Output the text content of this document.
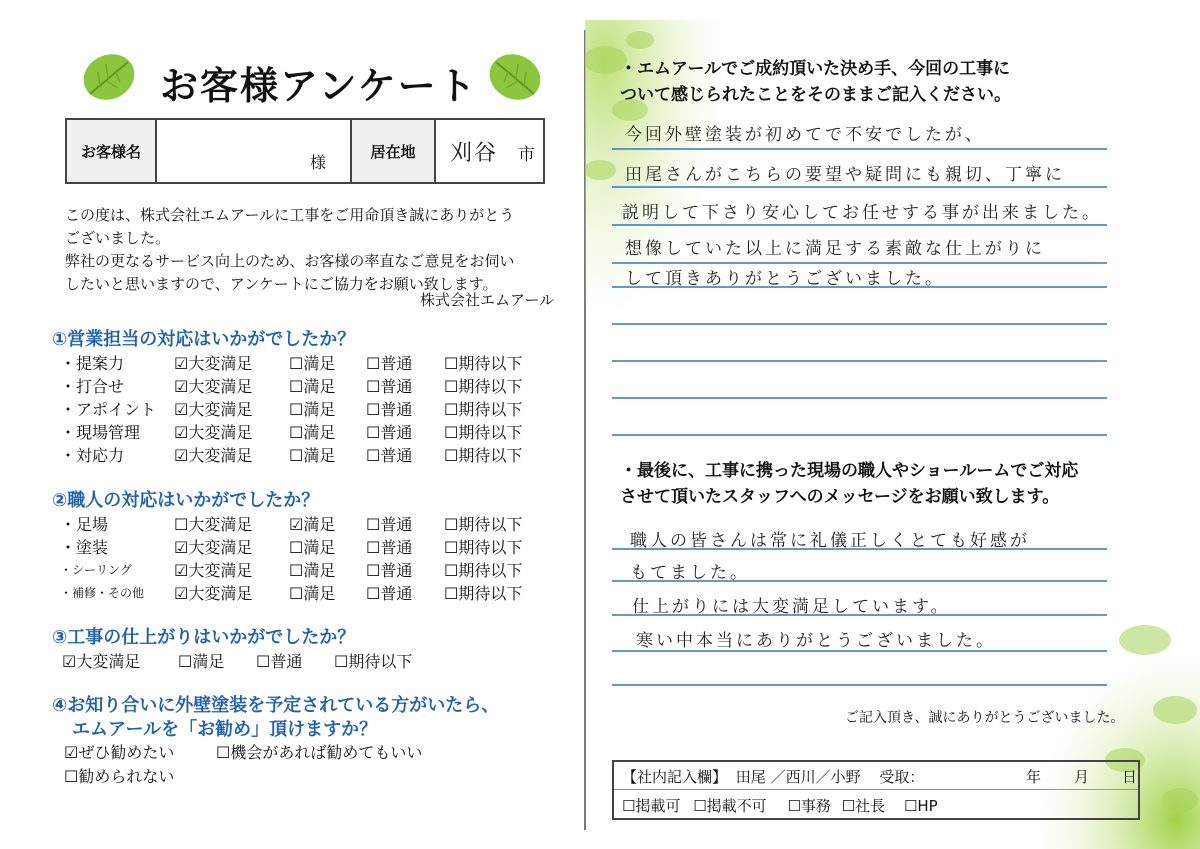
お客様アンケート
お客様名
様
居在地	刈谷 市
この度は、株式会社エムアールに工事をご用命頂き誠にありがとう
ございました。
弊社の更なるサービス向上のため、お客様の率直なご意見をお伺い
したいと思いますので、アンケートにご協力をお願い致します。
株式会社エムアール
①営業担当の対応はいかがでしたか？
・提案力	☑大変満足 ☐満足 ☐普通 ☐期待以下
・打合せ	☑大変満足 ☐満足 ☐普通 ☐期待以下
・アポイント ☑大変満足 ☐満足 ☐普通 ☐期待以下
・現場管理 ☑大変満足 ☐満足 ☐普通 ☐期待以下
・対応力	☑大変満足 ☐満足 ☐普通 ☐期待以下
②職人の対応はいかがでしたか？
・足場	☐大変満足 ☑満足 ☐普通 ☐期待以下
・塗装	☑大変満足 ☐満足 ☐普通 ☐期待以下
・シーリング	☑大変満足 ☐満足 ☐普通 ☐期待以下
・補修・その他 ☑大変満足 ☐満足 ☐普通 ☐期待以下
③工事の仕上がりはいかがでしたか？
☑大変満足 ☐満足 ☐普通 ☐期待以下
④お知り合いに外壁塗装を予定されている方がいたら、
エムアールを「お勧め」頂けますか？
☑ぜひ勧めたい	☐機会があれば勧めてもいい
☐勧められない
・エムアールでご成約頂いた決め手、今回の工事に
ついて感じられたことをそのままご記入ください。
今回外壁塗装が初めてで不安でしたが、
田尾さんがこちらの要望や疑問にも親切、丁寧に
説明して下さり安心してお任せする事が出来ました。
想像していた以上に満足する素敵な仕上がりに
して頂きありがとうございました。
・最後に、工事に携った現場の職人やショールームでご対応
させて頂いたスタッフへのメッセージをお願い致します。
職人の皆さんは常に礼儀正しくとても好感が
もてました。
仕上がりには大変満足しています。
寒い中本当にありがとうございました。
ご記入頂き、誠にありがとうございました。
【社内記入欄】 田尾 ／西川／小野 受取：	年 月 日
☐掲載可 ☐掲載不可 ☐事務 ☐社長 ☐HP
